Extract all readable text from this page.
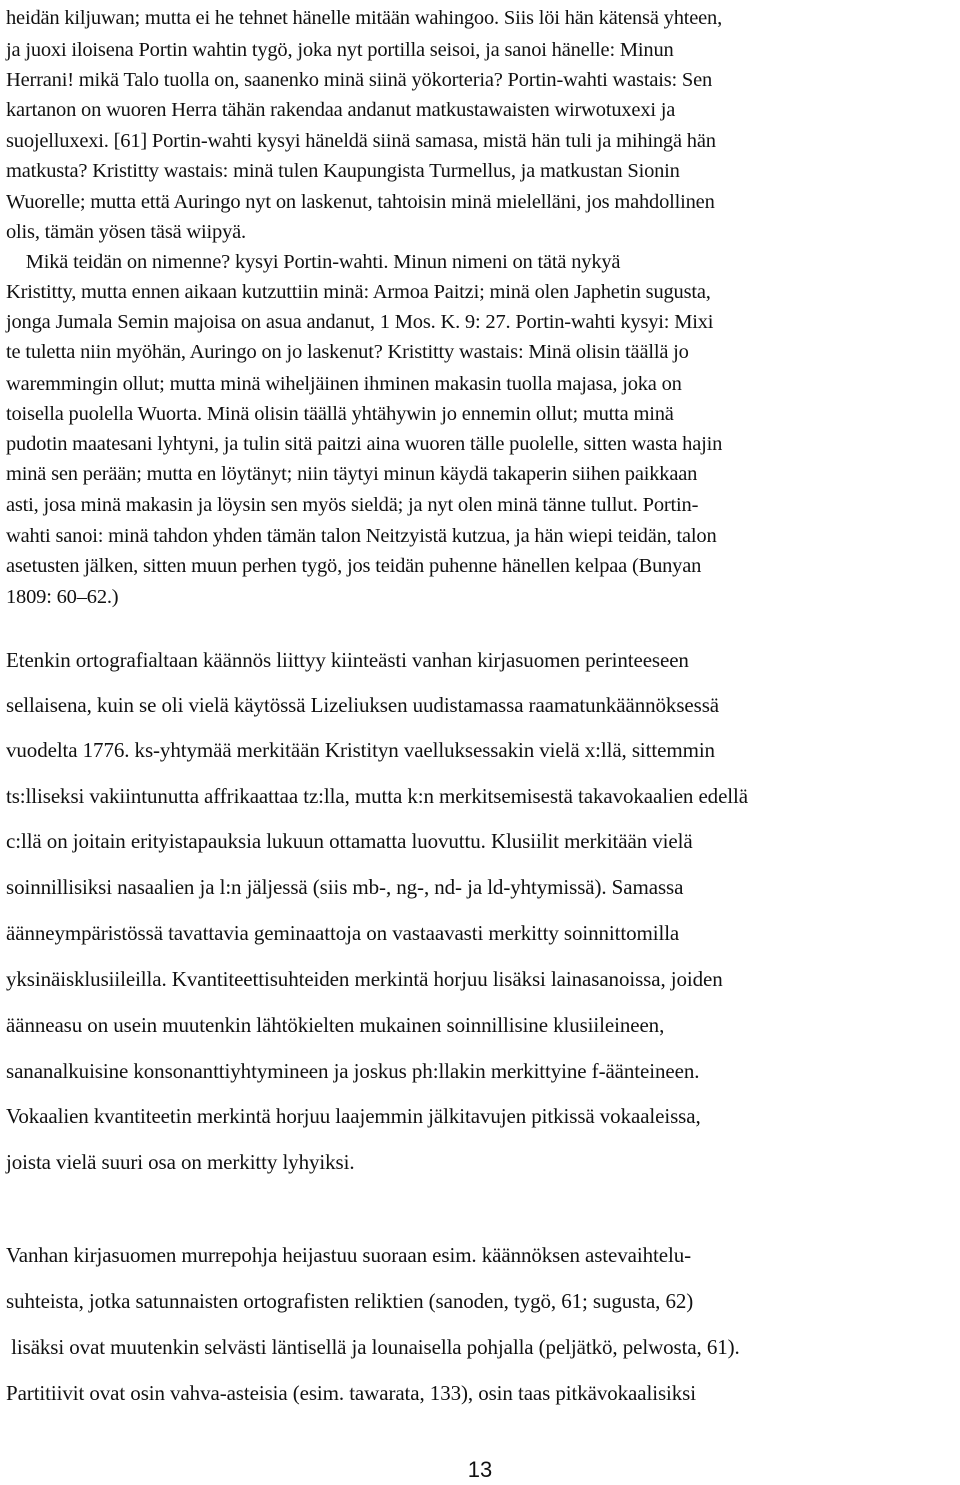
heidän kiljuwan; mutta ei he tehnet hänelle mitään wahingoo. Siis löi hän kätensä yhteen,
ja juoxi iloisena Portin wahtin tygö, joka nyt portilla seisoi, ja sanoi hänelle: Minun
Herrani! mikä Talo tuolla on, saanenko minä siinä yökorteria? Portin-wahti wastais: Sen
kartanon on wuoren Herra tähän rakendaa andanut matkustawaisten wirwotuxexi ja
suojelluxexi. [61] Portin-wahti kysyi häneldä siinä samasa, mistä hän tuli ja mihingä hän
matkusta? Kristitty wastais: minä tulen Kaupungista Turmellus, ja matkustan Sionin
Wuorelle; mutta että Auringo nyt on laskenut, tahtoisin minä mielelläni, jos mahdollinen
olis, tämän yösen täsä wiipyä.
Mikä teidän on nimenne? kysyi Portin-wahti. Minun nimeni on tätä nykyä
Kristitty, mutta ennen aikaan kutzuttiin minä: Armoa Paitzi; minä olen Japhetin sugusta,
jonga Jumala Semin majoisa on asua andanut, 1 Mos. K. 9: 27. Portin-wahti kysyi: Mixi
te tuletta niin myöhän, Auringo on jo laskenut? Kristitty wastais: Minä olisin täällä jo
waremmingin ollut; mutta minä wiheljäinen ihminen makasin tuolla majasa, joka on
toisella puolella Wuorta. Minä olisin täällä yhtähywin jo ennemin ollut; mutta minä
pudotin maatesani lyhtyni, ja tulin sitä paitzi aina wuoren tälle puolelle, sitten wasta hajin
minä sen perään; mutta en löytänyt; niin täytyi minun käydä takaperin siihen paikkaan
asti, josa minä makasin ja löysin sen myös sieldä; ja nyt olen minä tänne tullut. Portin-
wahti sanoi: minä tahdon yhden tämän talon Neitzyistä kutzua, ja hän wiepi teidän, talon
asetusten jälken, sitten muun perhen tygö, jos teidän puhenne hänellen kelpaa (Bunyan
1809: 60–62.)
Etenkin ortografialtaan käännös liittyy kiinteästi vanhan kirjasuomen perinteeseen
sellaisena, kuin se oli vielä käytössä Lizeliuksen uudistamassa raamatunkäännöksessä
vuodelta 1776. ks-yhtymää merkitään Kristityn vaelluksessakin vielä x:llä, sittemmin
ts:lliseksi vakiintunutta affrikaattaa tz:lla, mutta k:n merkitsemisestä takavokaalien edellä
c:llä on joitain erityistapauksia lukuun ottamatta luovuttu. Klusiilit merkitään vielä
soinnillisiksi nasaalien ja l:n jäljessä (siis mb-, ng-, nd- ja ld-yhtymissä). Samassa
äänneympäristössä tavattavia geminaattoja on vastaavasti merkitty soinnittomilla
yksinäisklusiileilla. Kvantiteettisuhteiden merkintä horjuu lisäksi lainasanoissa, joiden
äänneasu on usein muutenkin lähtökielten mukainen soinnillisine klusiileineen,
sananalkuisine konsonanttiyhtymineen ja joskus ph:llakin merkittyine f-äänteineen.
Vokaalien kvantiteetin merkintä horjuu laajemmin jälkitavujen pitkissä vokaaleissa,
joista vielä suuri osa on merkitty lyhyiksi.
Vanhan kirjasuomen murrepohja heijastuu suoraan esim. käännöksen astevaihtelu-
suhteista, jotka satunnaisten ortografisten reliktien (sanoden, tygö, 61; sugusta, 62)
lisäksi ovat muutenkin selvästi läntisellä ja lounaisella pohjalla (peljätkö, pelwosta, 61).
Partitiivit ovat osin vahva-asteisia (esim. tawarata, 133), osin taas pitkävokaalisiksi
13
